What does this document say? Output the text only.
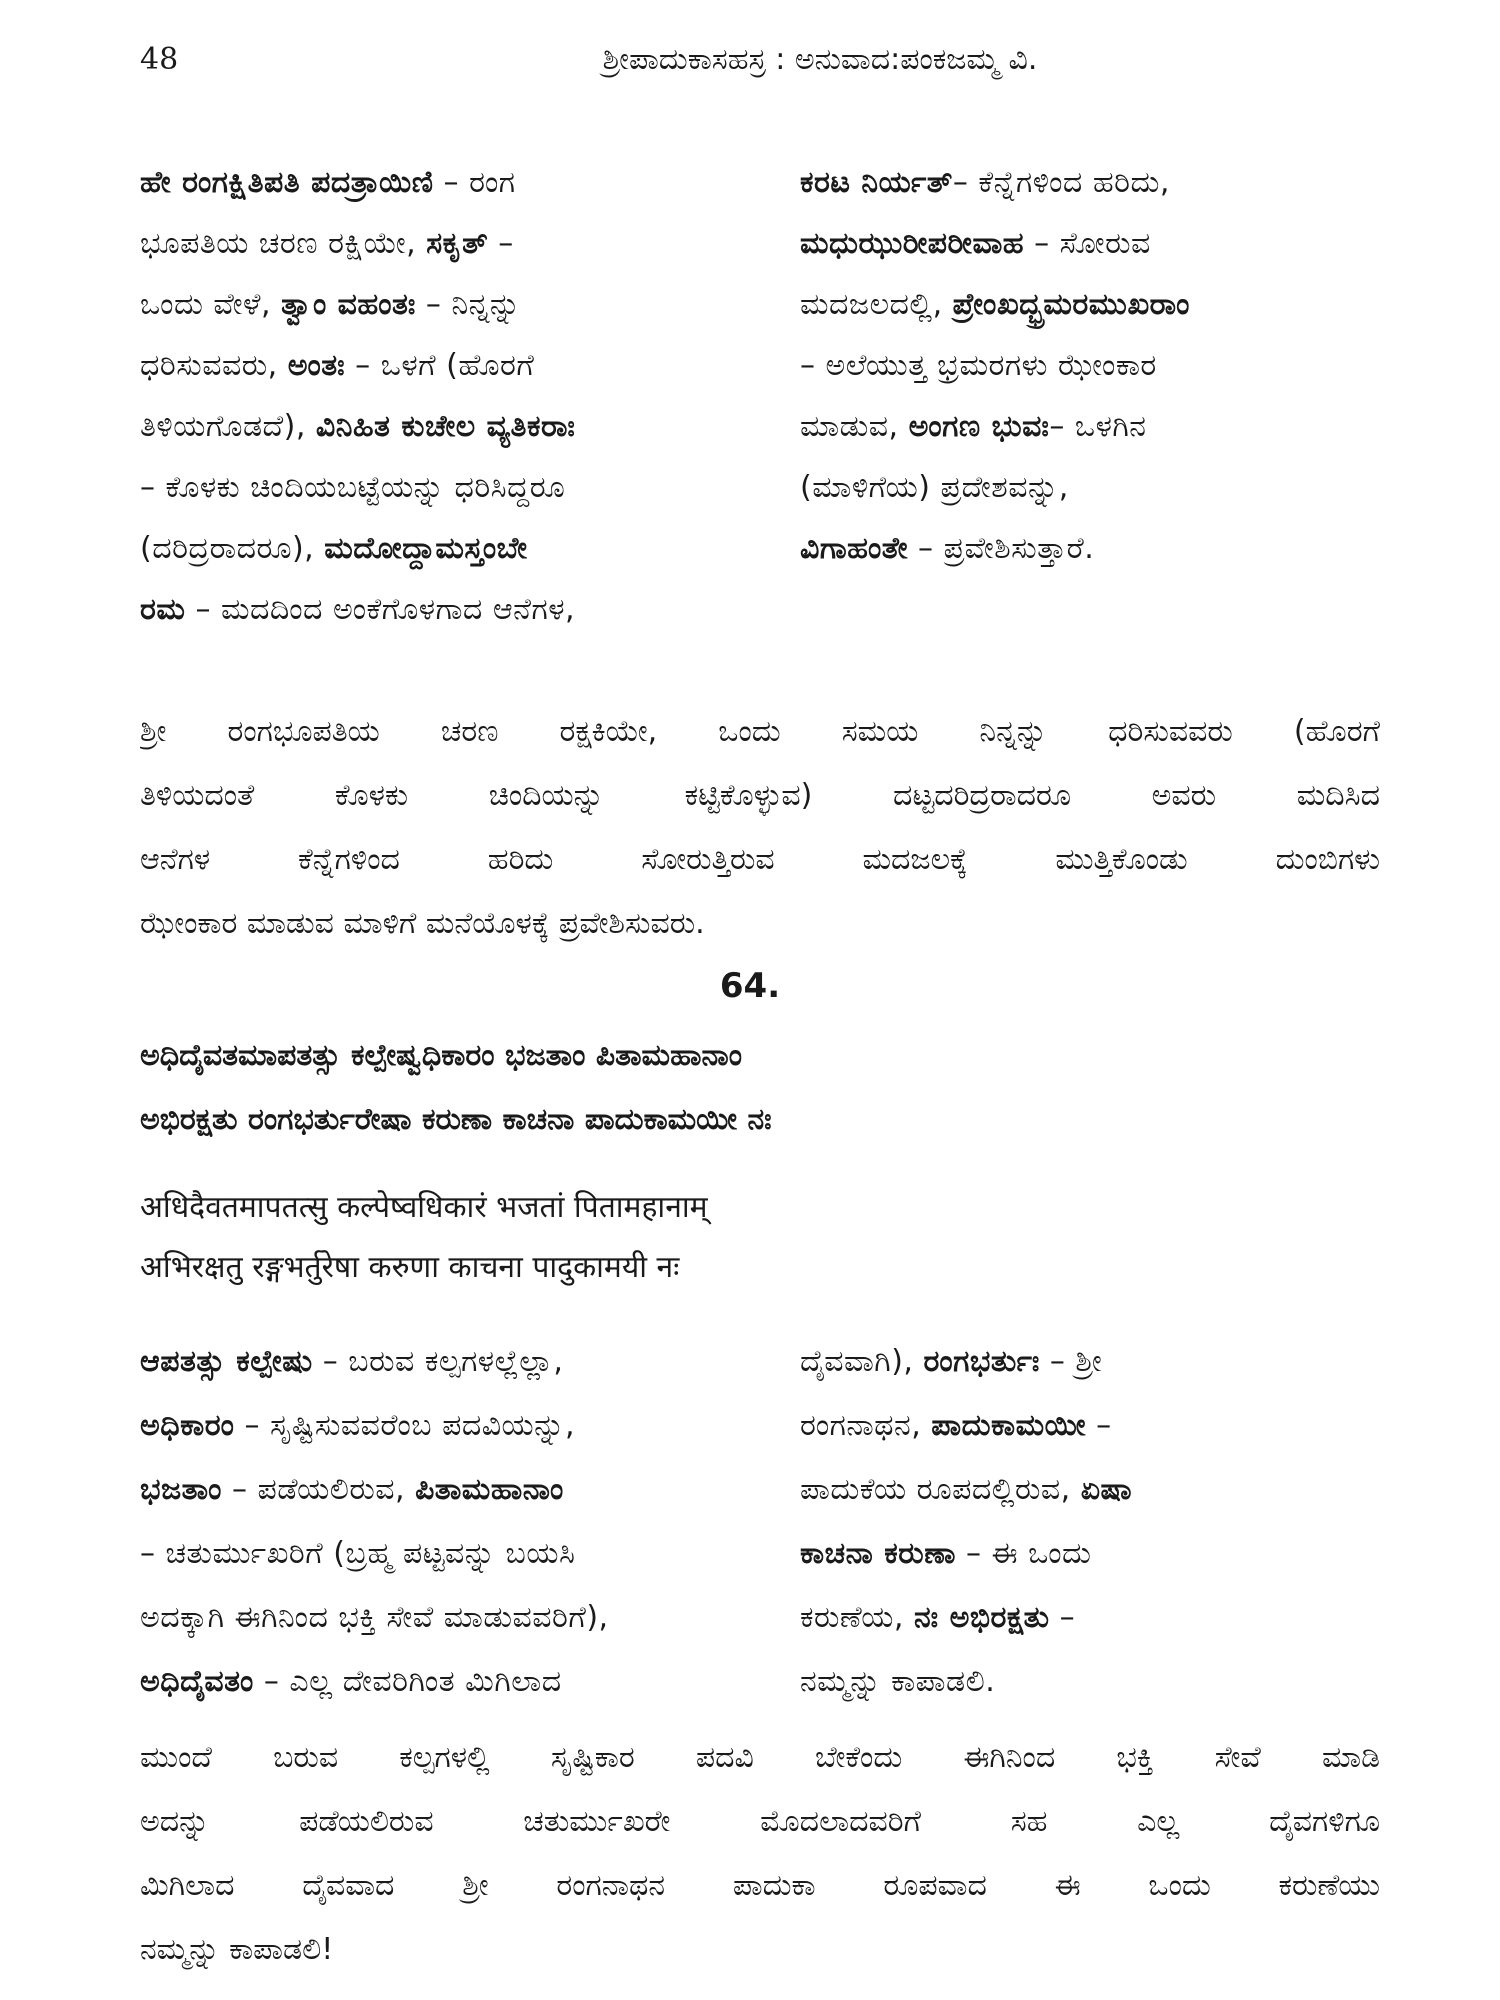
48	ಶ್ರೀಪಾದುಕಾಸಹಸ್ರ : ಅನುವಾದ:ಪಂಕಜಮ್ಮ ವಿ.
ಹೇ ರಂಗಕ್ಷಿತಿಪತಿ ಪದತ್ರಾಯಿಣಿ – ರಂಗ
ಭೂಪತಿಯ ಚರಣ ರಕ್ಷಿಯೇ, ಸಕೃತ್ –
ಒಂದು ವೇಳೆ, ತ್ವಾಂ ವಹಂತಃ – ನಿನ್ನನ್ನು
ಧರಿಸುವವರು, ಅಂತಃ – ಒಳಗೆ (ಹೊರಗೆ
ತಿಳಿಯಗೊಡದೆ), ವಿನಿಹಿತ ಕುಚೇಲ ವ್ಯತಿಕರಾಃ
– ಕೊಳಕು ಚಿಂದಿಯಬಟ್ಟೆಯನ್ನು ಧರಿಸಿದ್ದರೂ
(ದರಿದ್ರರಾದರೂ), ಮದೋದ್ದಾಮಸ್ತಂಬೇ
ರಮ – ಮದದಿಂದ ಅಂಕೆಗೊಳಗಾದ ಆನೆಗಳ,
ಕರಟ ನಿರ್ಯತ್– ಕೆನ್ನೆಗಳಿಂದ ಹರಿದು,
ಮಧುಝುರೀಪರೀವಾಹ – ಸೋರುವ
ಮದಜಲದಲ್ಲಿ, ಪ್ರೇಂಖದ್ಭ್ರಮರಮುಖರಾಂ
– ಅಲೆಯುತ್ತ ಭ್ರಮರಗಳು ಝೇಂಕಾರ
ಮಾಡುವ, ಅಂಗಣ ಭುವಃ– ಒಳಗಿನ
(ಮಾಳಿಗೆಯ) ಪ್ರದೇಶವನ್ನು,
ವಿಗಾಹಂತೇ – ಪ್ರವೇಶಿಸುತ್ತಾರೆ.
ಶ್ರೀ ರಂಗಭೂಪತಿಯ ಚರಣ ರಕ್ಷಕಿಯೇ, ಒಂದು ಸಮಯ ನಿನ್ನನ್ನು ಧರಿಸುವವರು (ಹೊರಗೆ
ತಿಳಿಯದಂತೆ ಕೊಳಕು ಚಿಂದಿಯನ್ನು ಕಟ್ಟಿಕೊಳ್ಳುವ) ದಟ್ಟದರಿದ್ರರಾದರೂ ಅವರು ಮದಿಸಿದ
ಆನೆಗಳ ಕೆನ್ನೆಗಳಿಂದ ಹರಿದು ಸೋರುತ್ತಿರುವ ಮದಜಲಕ್ಕೆ ಮುತ್ತಿಕೊಂಡು ದುಂಬಿಗಳು
ಝೇಂಕಾರ ಮಾಡುವ ಮಾಳಿಗೆ ಮನೆಯೊಳಕ್ಕೆ ಪ್ರವೇಶಿಸುವರು.
64.
ಅಧಿದೈವತಮಾಪತತ್ಸು ಕಲ್ಪೇಷ್ವಧಿಕಾರಂ ಭಜತಾಂ ಪಿತಾಮಹಾನಾಂ
ಅಭಿರಕ್ಷತು ರಂಗಭರ್ತುರೇಷಾ ಕರುಣಾ ಕಾಚನಾ ಪಾದುಕಾಮಯೀ ನಃ
अधिदैवतमापतत्सु कल्पेष्वधिकारं भजतां पितामहानाम्
अभिरक्षतु रङ्गभर्तुरेषा करुणा काचना पादुकामयी नः
ಆಪತತ್ಸು ಕಲ್ಪೇಷು – ಬರುವ ಕಲ್ಪಗಳಲ್ಲೆಲ್ಲಾ,
ಅಧಿಕಾರಂ – ಸೃಷ್ಟಿಸುವವರೆಂಬ ಪದವಿಯನ್ನು,
ಭಜತಾಂ – ಪಡೆಯಲಿರುವ, ಪಿತಾಮಹಾನಾಂ
– ಚತುರ್ಮುಖರಿಗೆ (ಬ್ರಹ್ಮ ಪಟ್ಟವನ್ನು ಬಯಸಿ
ಅದಕ್ಕಾಗಿ ಈಗಿನಿಂದ ಭಕ್ತಿ ಸೇವೆ ಮಾಡುವವರಿಗೆ),
ಅಧಿದೈವತಂ – ಎಲ್ಲ ದೇವರಿಗಿಂತ ಮಿಗಿಲಾದ
ದೈವವಾಗಿ), ರಂಗಭರ್ತುಃ – ಶ್ರೀ
ರಂಗನಾಥನ, ಪಾದುಕಾಮಯೀ –
ಪಾದುಕೆಯ ರೂಪದಲ್ಲಿರುವ, ಏಷಾ
ಕಾಚನಾ ಕರುಣಾ – ಈ ಒಂದು
ಕರುಣೆಯ, ನಃ ಅಭಿರಕ್ಷತು –
ನಮ್ಮನ್ನು ಕಾಪಾಡಲಿ.
ಮುಂದೆ ಬರುವ ಕಲ್ಪಗಳಲ್ಲಿ ಸೃಷ್ಟಿಕಾರ ಪದವಿ ಬೇಕೆಂದು ಈಗಿನಿಂದ ಭಕ್ತಿ ಸೇವೆ ಮಾಡಿ
ಅದನ್ನು ಪಡೆಯಲಿರುವ ಚತುರ್ಮುಖರೇ ಮೊದಲಾದವರಿಗೆ ಸಹ ಎಲ್ಲ ದೈವಗಳಿಗೂ
ಮಿಗಿಲಾದ ದೈವವಾದ ಶ್ರೀ ರಂಗನಾಥನ ಪಾದುಕಾ ರೂಪವಾದ ಈ ಒಂದು ಕರುಣೆಯು
ನಮ್ಮನ್ನು ಕಾಪಾಡಲಿ!
